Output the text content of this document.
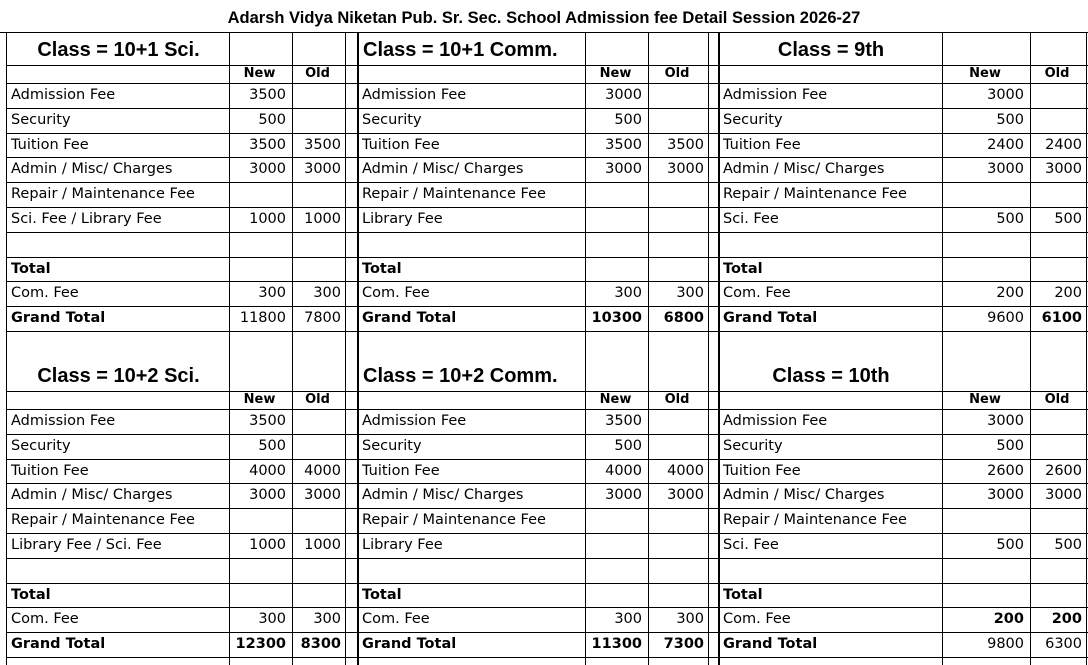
Adarsh Vidya Niketan Pub. Sr. Sec. School Admission fee Detail Session 2026-27
Class = 10+1 Sci.
New	Old
Admission Fee	3500
Security	500
Tuition Fee	3500	3500
Admin / Misc/ Charges	3000	3000
Repair / Maintenance Fee
Sci. Fee / Library Fee	1000	1000
Total
Com. Fee	300	300
Grand Total	11800	7800
Class = 10+1 Comm.
New	Old
Admission Fee	3000
Security	500
Tuition Fee	3500	3500
Admin / Misc/ Charges	3000	3000
Repair / Maintenance Fee
Library Fee
Total
Com. Fee	300	300
Grand Total	10300	6800
Class = 9th
New	Old
Admission Fee	3000
Security	500
Tuition Fee	2400	2400
Admin / Misc/ Charges	3000	3000
Repair / Maintenance Fee
Sci. Fee	500	500
Total
Com. Fee	200	200
Grand Total	9600	6100
Class = 10+2 Sci.
New	Old
Admission Fee	3500
Security	500
Tuition Fee	4000	4000
Admin / Misc/ Charges	3000	3000
Repair / Maintenance Fee
Library Fee / Sci. Fee	1000	1000
Total
Com. Fee	300	300
Grand Total	12300	8300
Class = 10+2 Comm.
New	Old
Admission Fee	3500
Security	500
Tuition Fee	4000	4000
Admin / Misc/ Charges	3000	3000
Repair / Maintenance Fee
Library Fee
Total
Com. Fee	300	300
Grand Total	11300	7300
Class = 10th
New	Old
Admission Fee	3000
Security	500
Tuition Fee	2600	2600
Admin / Misc/ Charges	3000	3000
Repair / Maintenance Fee
Sci. Fee	500	500
Total
Com. Fee	200	200
Grand Total	9800	6300
